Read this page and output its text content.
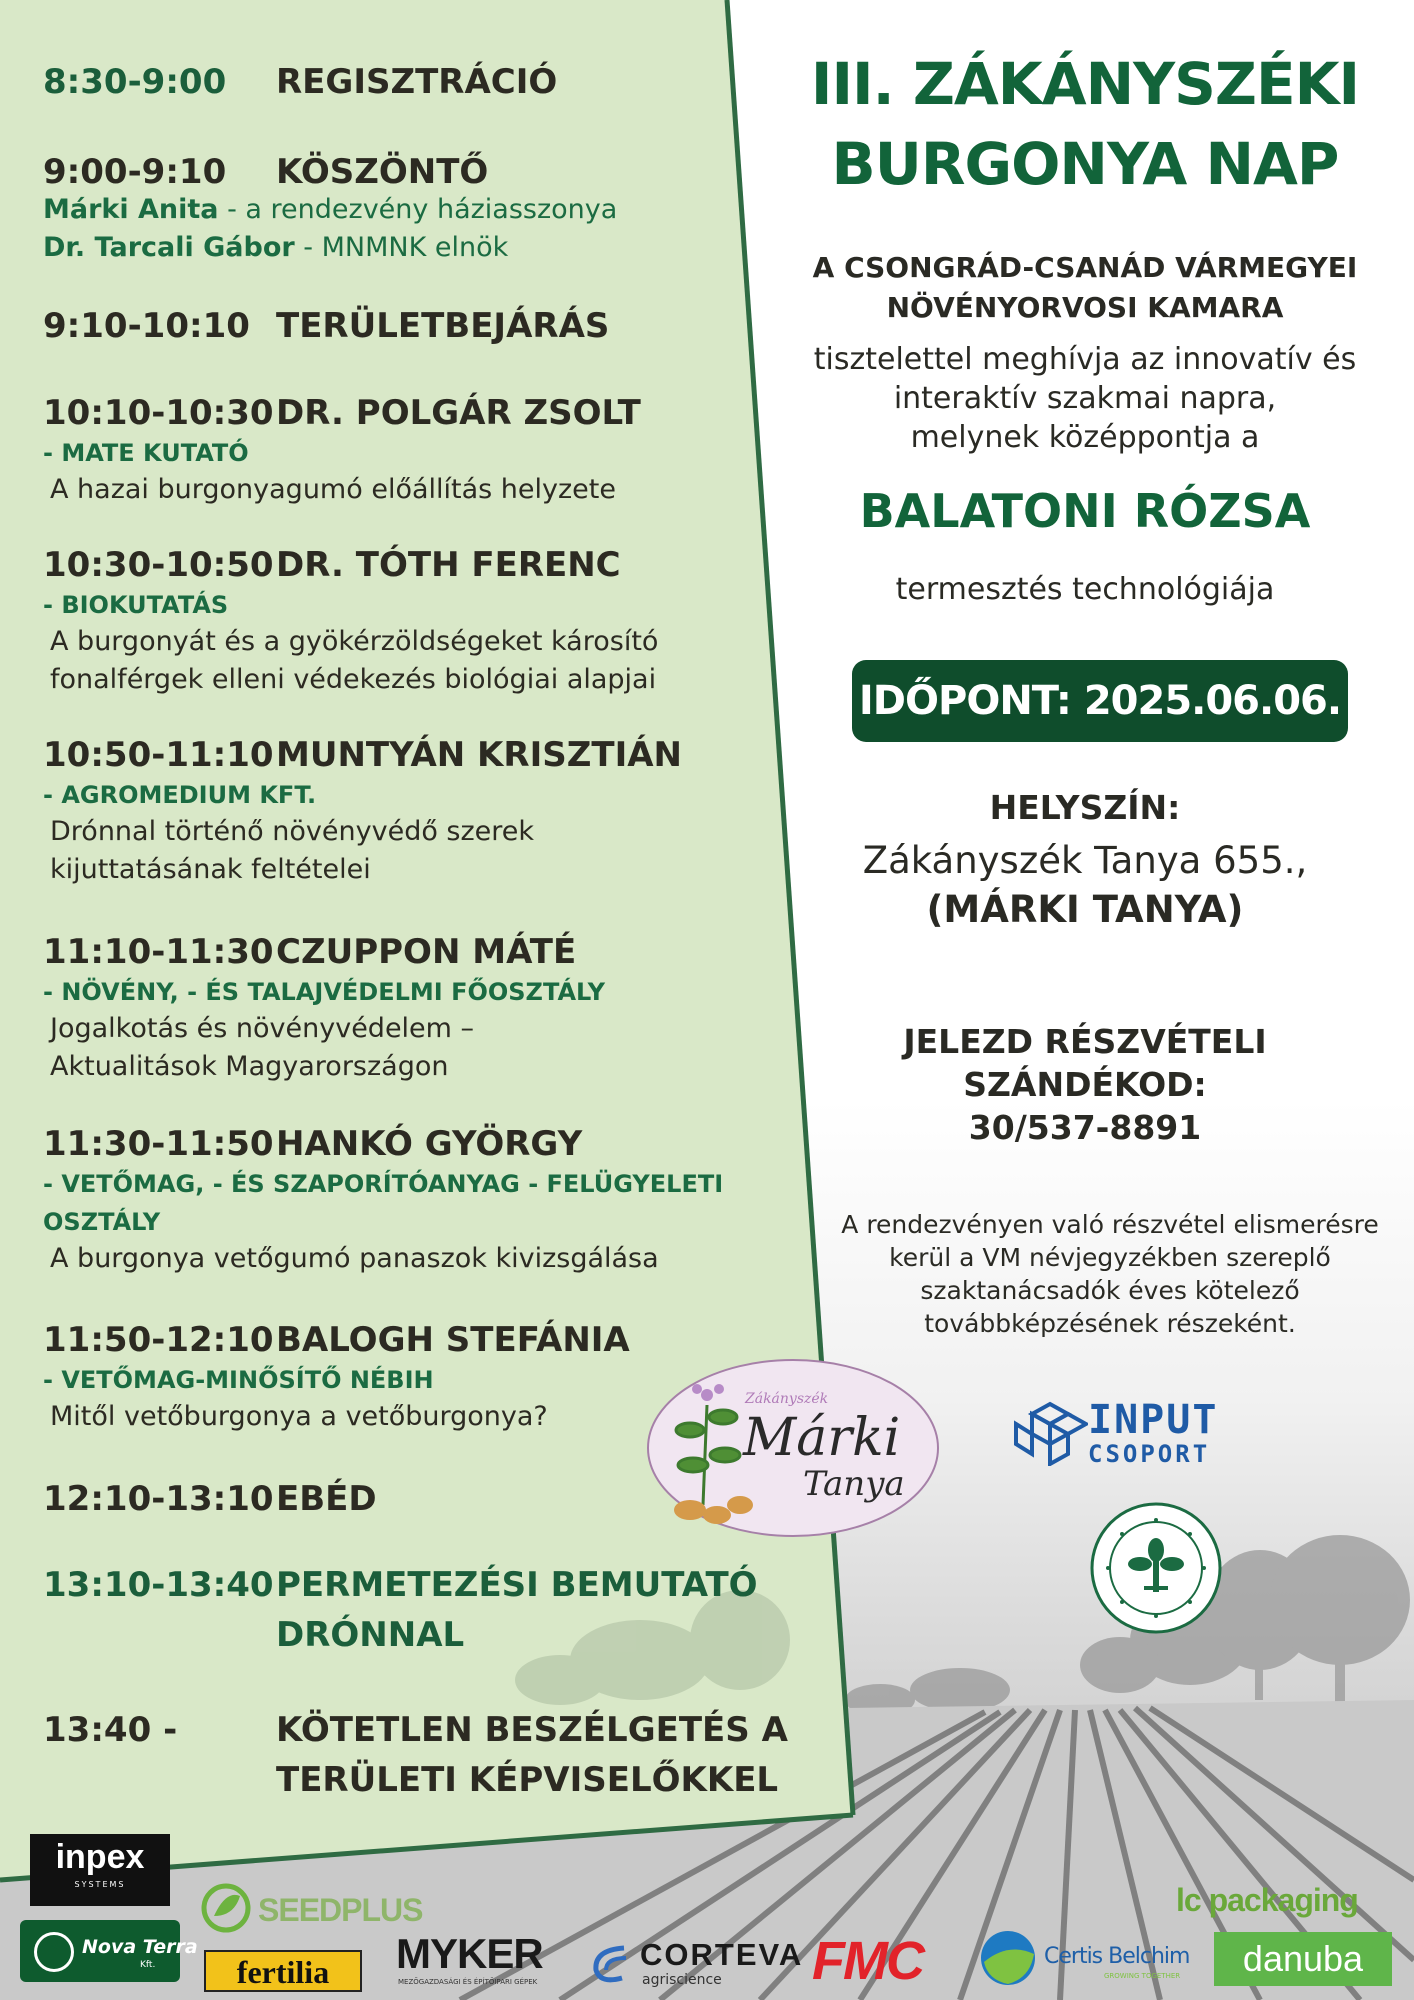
8:30-9:00 REGISZTRÁCIÓ
9:00-9:10 KÖSZÖNTŐ
Márki Anita - a rendezvény háziasszonya
Dr. Tarcali Gábor - MNMNK elnök
9:10-10:10 TERÜLETBEJÁRÁS
10:10-10:30 DR. POLGÁR ZSOLT
- MATE KUTATÓ
A hazai burgonyagumó előállítás helyzete
10:30-10:50 DR. TÓTH FERENC
- BIOKUTATÁS
A burgonyát és a gyökérzöldségeket károsító
fonalférgek elleni védekezés biológiai alapjai
10:50-11:10 MUNTYÁN KRISZTIÁN
- AGROMEDIUM KFT.
Drónnal történő növényvédő szerek
kijuttatásának feltételei
11:10-11:30 CZUPPON MÁTÉ
- NÖVÉNY, - ÉS TALAJVÉDELMI FŐOSZTÁLY
Jogalkotás és növényvédelem –
Aktualitások Magyarországon
11:30-11:50 HANKÓ GYÖRGY
- VETŐMAG, - ÉS SZAPORÍTÓANYAG - FELÜGYELETI
OSZTÁLY
A burgonya vetőgumó panaszok kivizsgálása
11:50-12:10 BALOGH STEFÁNIA
- VETŐMAG-MINŐSÍTŐ NÉBIH
Mitől vetőburgonya a vetőburgonya?
12:10-13:10 EBÉD
13:10-13:40 PERMETEZÉSI BEMUTATÓ
DRÓNNAL
13:40 -	KÖTETLEN BESZÉLGETÉS A
TERÜLETI KÉPVISELŐKKEL
Zákányszék
Márki
Tanya
III. ZÁKÁNYSZÉKI
BURGONYA NAP
A CSONGRÁD-CSANÁD VÁRMEGYEI
NÖVÉNYORVOSI KAMARA
tisztelettel meghívja az innovatív és
interaktív szakmai napra,
melynek középpontja a
BALATONI RÓZSA
termesztés technológiája
IDŐPONT: 2025.06.06.
HELYSZÍN:
Zákányszék Tanya 655.,
(MÁRKI TANYA)
JELEZD RÉSZVÉTELI
SZÁNDÉKOD:
30/537-8891
A rendezvényen való részvétel elismerésre
kerül a VM névjegyzékben szereplő
szaktanácsadók éves kötelező
továbbképzésének részeként.
INPUT
CSOPORT
inpex
SYSTEMS
Nova Terra
Kft.
SEEDPLUS
fertilia	MYKER
MEZŐGAZDASÁGI ÉS ÉPÍTŐIPARI GÉPEK
CORTEVA
agriscience FMC	Certis Belchim
GROWING TOGETHER
lc packaging
danuba
